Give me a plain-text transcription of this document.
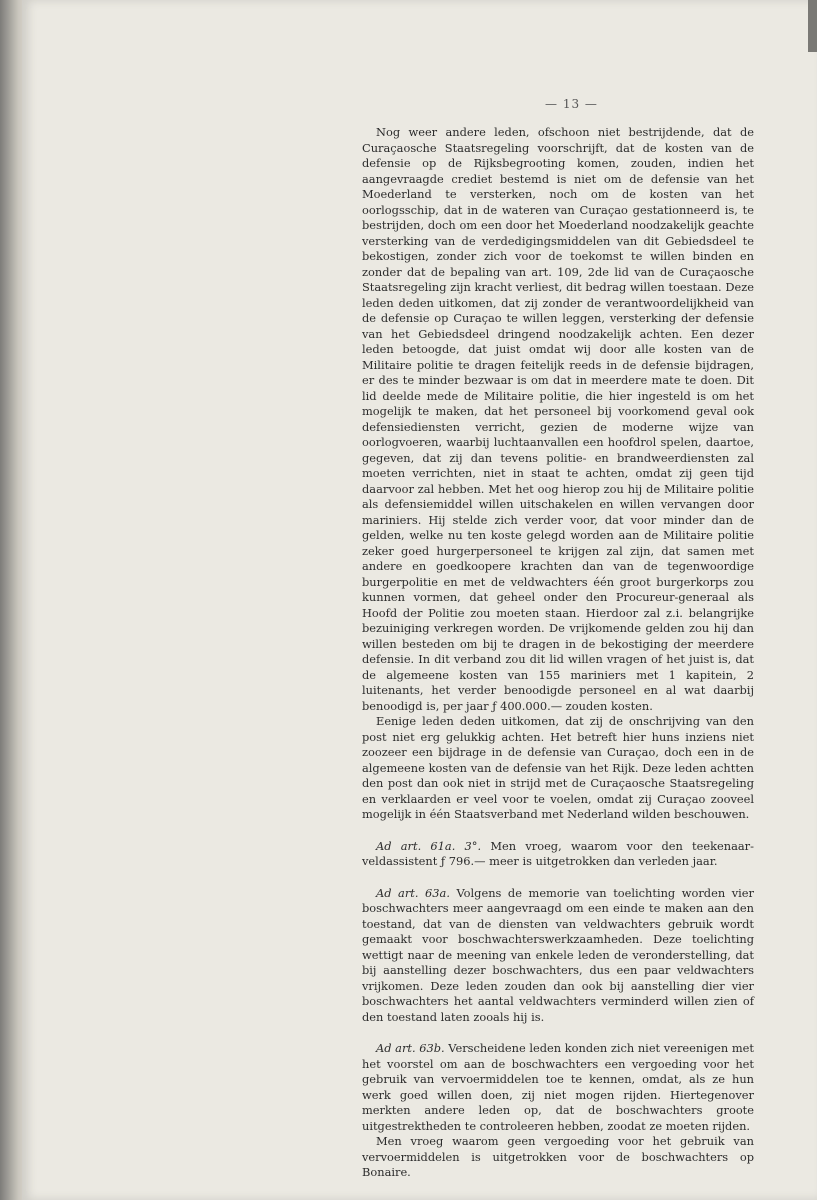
— 13 —

Nog weer andere leden, ofschoon niet bestrijdende, dat de Curaçaosche Staatsregeling voorschrijft, dat de kosten van de defensie op de Rijksbegrooting komen, zouden, indien het aangevraagde crediet bestemd is niet om de defensie van het Moederland te versterken, noch om de kosten van het oorlogsschip, dat in de wateren van Curaçao gestationneerd is, te bestrijden, doch om een door het Moederland noodzakelijk geachte versterking van de verdedigingsmiddelen van dit Gebiedsdeel te bekostigen, zonder zich voor de toekomst te willen binden en zonder dat de bepaling van art. 109, 2de lid van de Curaçaosche Staatsregeling zijn kracht verliest, dit bedrag willen toestaan. Deze leden deden uitkomen, dat zij zonder de verantwoordelijkheid van de defensie op Curaçao te willen leggen, versterking der defensie van het Gebiedsdeel dringend noodzakelijk achten. Een dezer leden betoogde, dat juist omdat wij door alle kosten van de Militaire politie te dragen feitelijk reeds in de defensie bijdragen, er des te minder bezwaar is om dat in meerdere mate te doen. Dit lid deelde mede de Militaire politie, die hier ingesteld is om het mogelijk te maken, dat het personeel bij voorkomend geval ook defensiediensten verricht, gezien de moderne wijze van oorlogvoeren, waarbij luchtaanvallen een hoofdrol spelen, daartoe, gegeven, dat zij dan tevens politie- en brandweerdiensten zal moeten verrichten, niet in staat te achten, omdat zij geen tijd daarvoor zal hebben. Met het oog hierop zou hij de Militaire politie als defensiemiddel willen uitschakelen en willen vervangen door mariniers. Hij stelde zich verder voor, dat voor minder dan de gelden, welke nu ten koste gelegd worden aan de Militaire politie zeker goed hurgerpersoneel te krijgen zal zijn, dat samen met andere en goedkoopere krachten dan van de tegenwoordige burgerpolitie en met de veldwachters één groot burgerkorps zou kunnen vormen, dat geheel onder den Procureur-generaal als Hoofd der Politie zou moeten staan. Hierdoor zal z.i. belangrijke bezuiniging verkregen worden. De vrijkomende gelden zou hij dan willen besteden om bij te dragen in de bekostiging der meerdere defensie. In dit verband zou dit lid willen vragen of het juist is, dat de algemeene kosten van 155 mariniers met 1 kapitein, 2 luitenants, het verder benoodigde personeel en al wat daarbij benoodigd is, per jaar ƒ 400.000.— zouden kosten.

Eenige leden deden uitkomen, dat zij de onschrijving van den post niet erg gelukkig achten. Het betreft hier huns inziens niet zoozeer een bijdrage in de defensie van Curaçao, doch een in de algemeene kosten van de defensie van het Rijk. Deze leden achtten den post dan ook niet in strijd met de Curaçaosche Staatsregeling en verklaarden er veel voor te voelen, omdat zij Curaçao zooveel mogelijk in één Staatsverband met Nederland wilden beschouwen.

Ad art. 61a. 3°. Men vroeg, waarom voor den teekenaar-veldassistent ƒ 796.— meer is uitgetrokken dan verleden jaar.

Ad art. 63a. Volgens de memorie van toelichting worden vier boschwachters meer aangevraagd om een einde te maken aan den toestand, dat van de diensten van veldwachters gebruik wordt gemaakt voor boschwachterswerkzaamheden. Deze toelichting wettigt naar de meening van enkele leden de veronderstelling, dat bij aanstelling dezer boschwachters, dus een paar veldwachters vrijkomen. Deze leden zouden dan ook bij aanstelling dier vier boschwachters het aantal veldwachters verminderd willen zien of den toestand laten zooals hij is.

Ad art. 63b. Verscheidene leden konden zich niet vereenigen met het voorstel om aan de boschwachters een vergoeding voor het gebruik van vervoermiddelen toe te kennen, omdat, als ze hun werk goed willen doen, zij niet mogen rijden. Hiertegenover merkten andere leden op, dat de boschwachters groote uitgestrektheden te controleeren hebben, zoodat ze moeten rijden.

Men vroeg waarom geen vergoeding voor het gebruik van vervoermiddelen is uitgetrokken voor de boschwachters op Bonaire.
